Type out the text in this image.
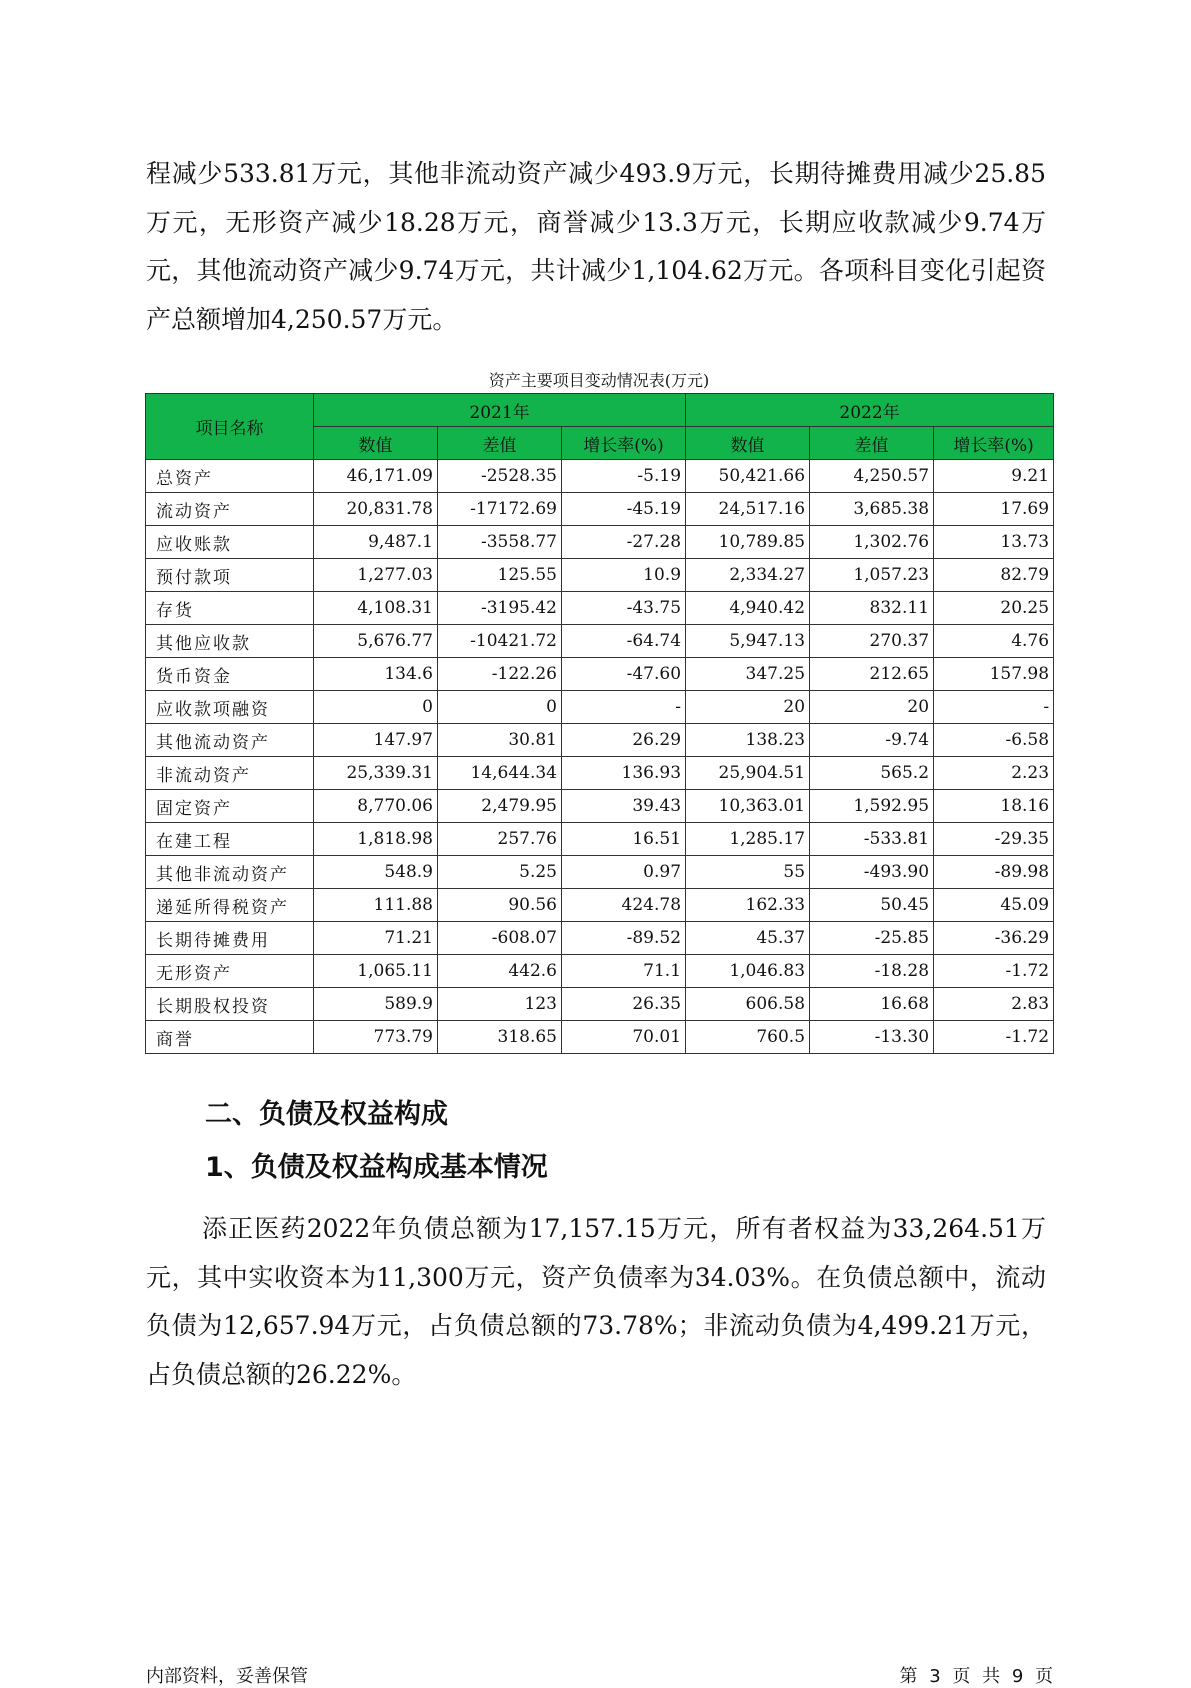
程减少533.81万元，其他非流动资产减少493.9万元，长期待摊费用减少25.85万元，无形资产减少18.28万元，商誉减少13.3万元，长期应收款减少9.74万元，其他流动资产减少9.74万元，共计减少1,104.62万元。各项科目变化引起资产总额增加4,250.57万元。

资产主要项目变动情况表(万元)
项目名称	2021年			2022年		
	数值	差值	增长率(%)	数值	差值	增长率(%)
总资产	46,171.09	-2528.35	-5.19	50,421.66	4,250.57	9.21
流动资产	20,831.78	-17172.69	-45.19	24,517.16	3,685.38	17.69
应收账款	9,487.1	-3558.77	-27.28	10,789.85	1,302.76	13.73
预付款项	1,277.03	125.55	10.9	2,334.27	1,057.23	82.79
存货	4,108.31	-3195.42	-43.75	4,940.42	832.11	20.25
其他应收款	5,676.77	-10421.72	-64.74	5,947.13	270.37	4.76
货币资金	134.6	-122.26	-47.60	347.25	212.65	157.98
应收款项融资	0	0	-	20	20	-
其他流动资产	147.97	30.81	26.29	138.23	-9.74	-6.58
非流动资产	25,339.31	14,644.34	136.93	25,904.51	565.2	2.23
固定资产	8,770.06	2,479.95	39.43	10,363.01	1,592.95	18.16
在建工程	1,818.98	257.76	16.51	1,285.17	-533.81	-29.35
其他非流动资产	548.9	5.25	0.97	55	-493.90	-89.98
递延所得税资产	111.88	90.56	424.78	162.33	50.45	45.09
长期待摊费用	71.21	-608.07	-89.52	45.37	-25.85	-36.29
无形资产	1,065.11	442.6	71.1	1,046.83	-18.28	-1.72
长期股权投资	589.9	123	26.35	606.58	16.68	2.83
商誉	773.79	318.65	70.01	760.5	-13.30	-1.72
二、负债及权益构成
1、负债及权益构成基本情况

添正医药2022年负债总额为17,157.15万元，所有者权益为33,264.51万元，其中实收资本为11,300万元，资产负债率为34.03%。在负债总额中，流动负债为12,657.94万元，占负债总额的73.78%；非流动负债为4,499.21万元，占负债总额的26.22%。

内部资料，妥善保管	第 3 页 共 9 页
